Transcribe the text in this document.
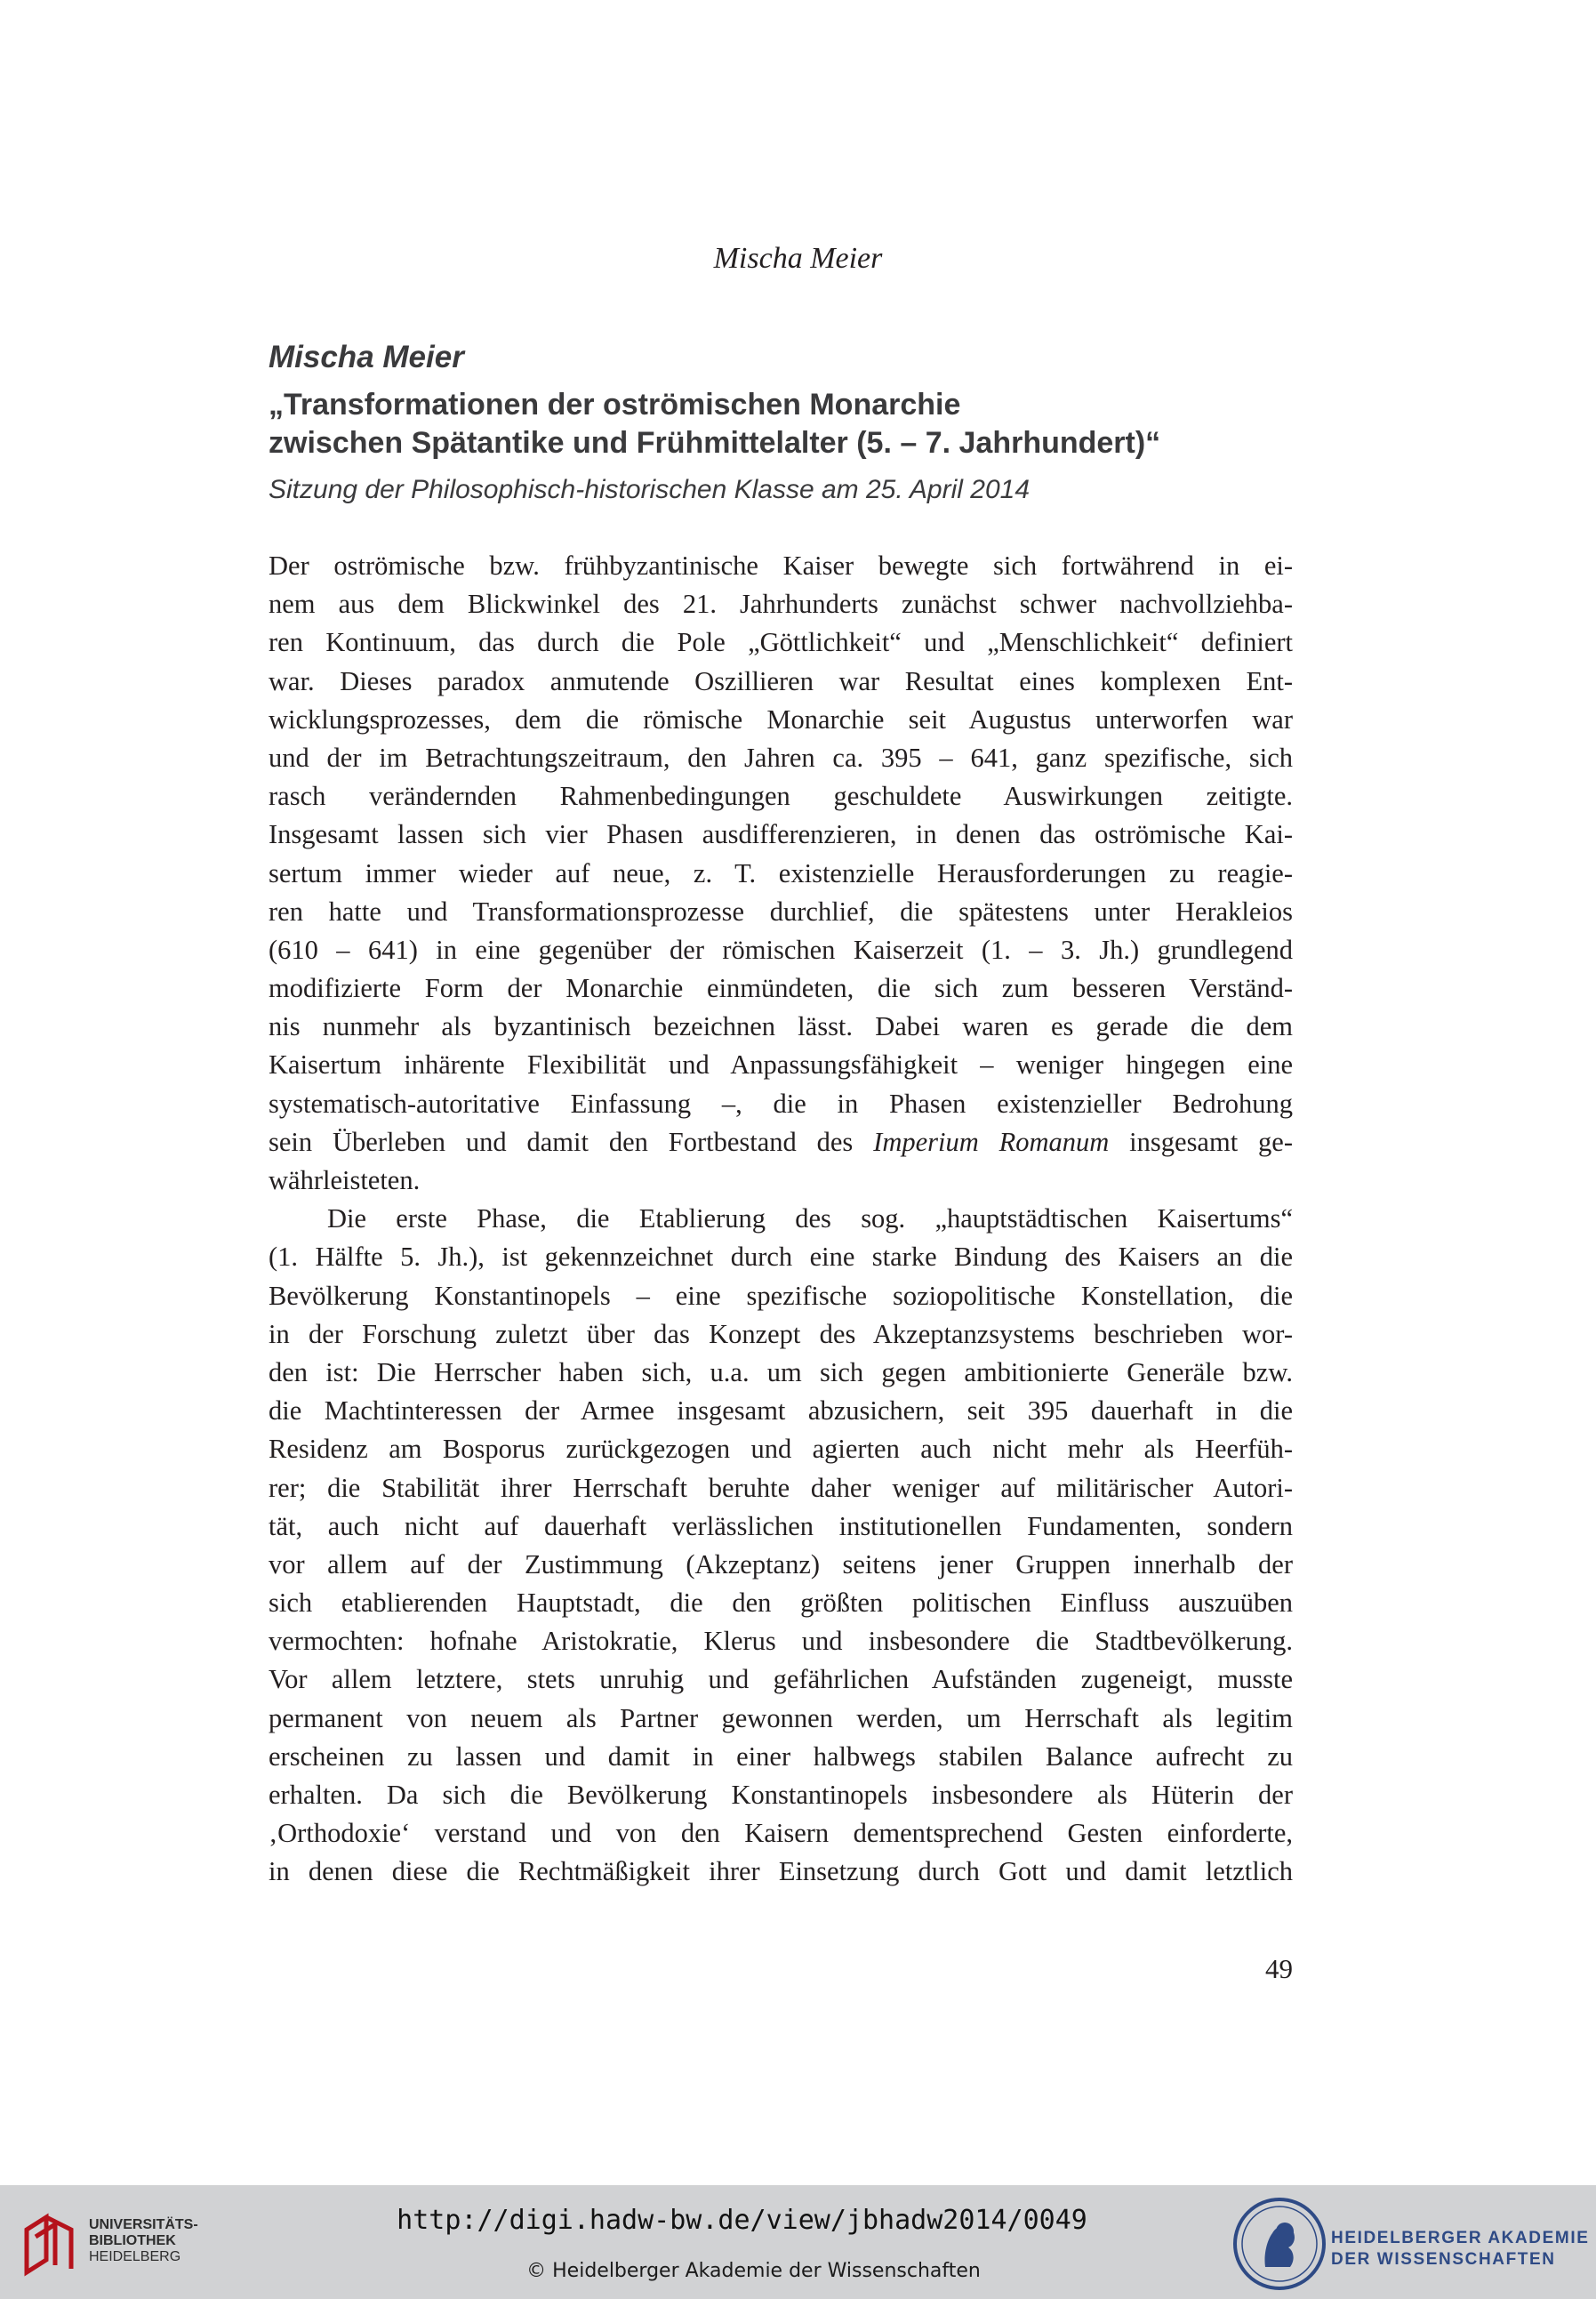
Mischa Meier
Mischa Meier
„Transformationen der oströmischen Monarchie
zwischen Spätantike und Frühmittelalter (5. – 7. Jahrhundert)“
Sitzung der Philosophisch-historischen Klasse am 25. April 2014
Der oströmische bzw. frühbyzantinische Kaiser bewegte sich fortwährend in ei-
nem aus dem Blickwinkel des 21. Jahrhunderts zunächst schwer nachvollziehba-
ren Kontinuum, das durch die Pole „Göttlichkeit“ und „Menschlichkeit“ definiert
war. Dieses paradox anmutende Oszillieren war Resultat eines komplexen Ent-
wicklungsprozesses, dem die römische Monarchie seit Augustus unterworfen war
und der im Betrachtungszeitraum, den Jahren ca. 395 – 641, ganz spezifische, sich
rasch verändernden Rahmenbedingungen geschuldete Auswirkungen zeitigte.
Insgesamt lassen sich vier Phasen ausdifferenzieren, in denen das oströmische Kai-
sertum immer wieder auf neue, z. T. existenzielle Herausforderungen zu reagie-
ren hatte und Transformationsprozesse durchlief, die spätestens unter Herakleios
(610 – 641) in eine gegenüber der römischen Kaiserzeit (1. – 3. Jh.) grundlegend
modifizierte Form der Monarchie einmündeten, die sich zum besseren Verständ-
nis nunmehr als byzantinisch bezeichnen lässt. Dabei waren es gerade die dem
Kaisertum inhärente Flexibilität und Anpassungsfähigkeit – weniger hingegen eine
systematisch-autoritative Einfassung –, die in Phasen existenzieller Bedrohung
sein Überleben und damit den Fortbestand des Imperium Romanum insgesamt ge-
währleisteten.
Die erste Phase, die Etablierung des sog. „hauptstädtischen Kaisertums“
(1. Hälfte 5. Jh.), ist gekennzeichnet durch eine starke Bindung des Kaisers an die
Bevölkerung Konstantinopels – eine spezifische soziopolitische Konstellation, die
in der Forschung zuletzt über das Konzept des Akzeptanzsystems beschrieben wor-
den ist: Die Herrscher haben sich, u.a. um sich gegen ambitionierte Generäle bzw.
die Machtinteressen der Armee insgesamt abzusichern, seit 395 dauerhaft in die
Residenz am Bosporus zurückgezogen und agierten auch nicht mehr als Heerfüh-
rer; die Stabilität ihrer Herrschaft beruhte daher weniger auf militärischer Autori-
tät, auch nicht auf dauerhaft verlässlichen institutionellen Fundamenten, sondern
vor allem auf der Zustimmung (Akzeptanz) seitens jener Gruppen innerhalb der
sich etablierenden Hauptstadt, die den größten politischen Einfluss auszuüben
vermochten: hofnahe Aristokratie, Klerus und insbesondere die Stadtbevölkerung.
Vor allem letztere, stets unruhig und gefährlichen Aufständen zugeneigt, musste
permanent von neuem als Partner gewonnen werden, um Herrschaft als legitim
erscheinen zu lassen und damit in einer halbwegs stabilen Balance aufrecht zu
erhalten. Da sich die Bevölkerung Konstantinopels insbesondere als Hüterin der
‚Orthodoxie‘ verstand und von den Kaisern dementsprechend Gesten einforderte,
in denen diese die Rechtmäßigkeit ihrer Einsetzung durch Gott und damit letztlich
49
UNIVERSITÄTS-
BIBLIOTHEK
HEIDELBERG
http://digi.hadw-bw.de/view/jbhadw2014/0049
© Heidelberger Akademie der Wissenschaften
HEIDELBERGER AKADEMIE
DER WISSENSCHAFTEN
